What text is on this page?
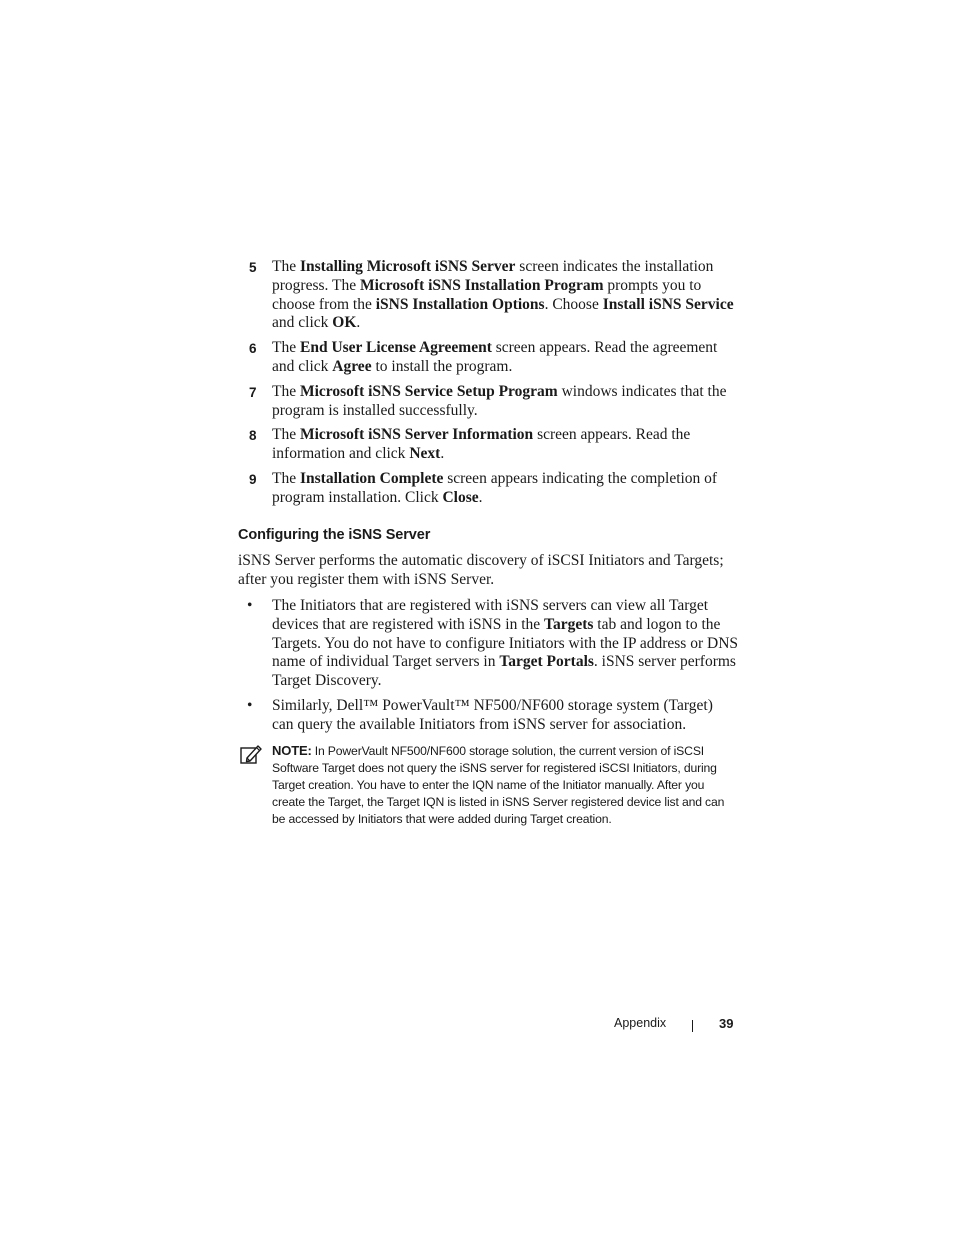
5 The Installing Microsoft iSNS Server screen indicates the installation progress. The Microsoft iSNS Installation Program prompts you to choose from the iSNS Installation Options. Choose Install iSNS Service and click OK.
6 The End User License Agreement screen appears. Read the agreement and click Agree to install the program.
7 The Microsoft iSNS Service Setup Program windows indicates that the program is installed successfully.
8 The Microsoft iSNS Server Information screen appears. Read the information and click Next.
9 The Installation Complete screen appears indicating the completion of program installation. Click Close.
Configuring the iSNS Server

iSNS Server performs the automatic discovery of iSCSI Initiators and Targets; after you register them with iSNS Server.

• The Initiators that are registered with iSNS servers can view all Target devices that are registered with iSNS in the Targets tab and logon to the Targets. You do not have to configure Initiators with the IP address or DNS name of individual Target servers in Target Portals. iSNS server performs Target Discovery.
• Similarly, Dell™ PowerVault™ NF500/NF600 storage system (Target) can query the available Initiators from iSNS server for association.
NOTE: In PowerVault NF500/NF600 storage solution, the current version of iSCSI Software Target does not query the iSNS server for registered iSCSI Initiators, during Target creation. You have to enter the IQN name of the Initiator manually. After you create the Target, the Target IQN is listed in iSNS Server registered device list and can be accessed by Initiators that were added during Target creation.
Appendix	39
